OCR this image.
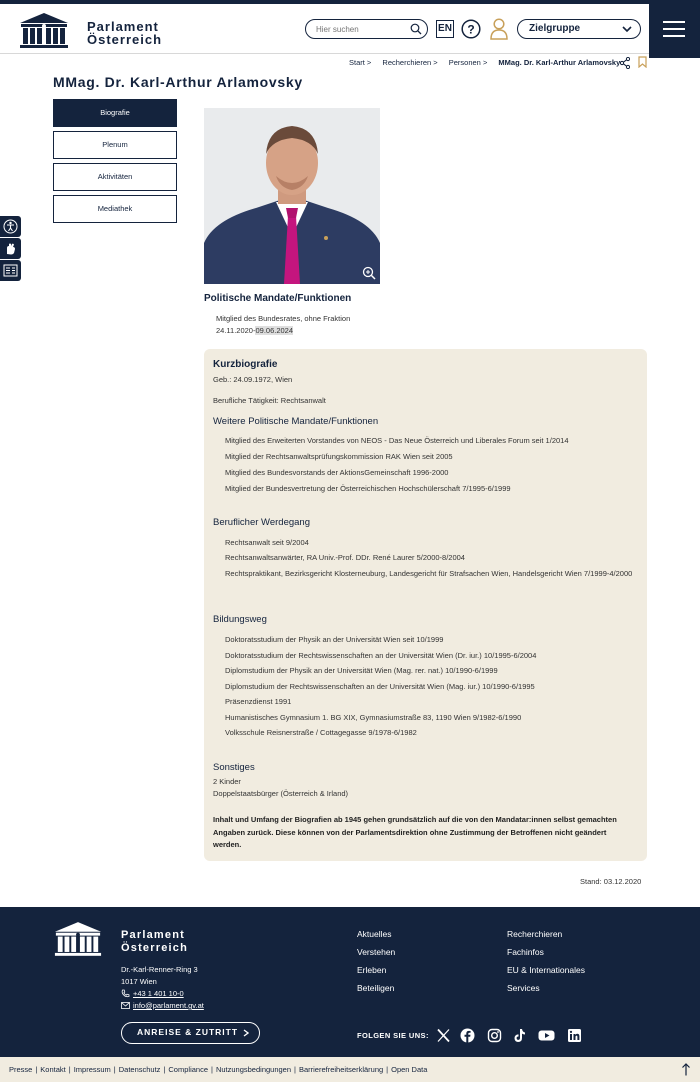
Parlament
Österreich
Hier suchen
EN ?	Zielgruppe
Start > Recherchieren > Personen > MMag. Dr. Karl-Arthur Arlamovsky
MMag. Dr. Karl-Arthur Arlamovsky
Biografie
Plenum
Aktivitäten
Mediathek
Politische Mandate/Funktionen
Mitglied des Bundesrates, ohne Fraktion
24.11.2020-09.06.2024
Kurzbiografie
Geb.: 24.09.1972, Wien
Berufliche Tätigkeit: Rechtsanwalt
Weitere Politische Mandate/Funktionen
Mitglied des Erweiterten Vorstandes von NEOS - Das Neue Österreich und Liberales Forum seit 1/2014
Mitglied der Rechtsanwaltsprüfungskommission RAK Wien seit 2005
Mitglied des Bundesvorstands der AktionsGemeinschaft 1996-2000
Mitglied der Bundesvertretung der Österreichischen Hochschülerschaft 7/1995-6/1999
Beruflicher Werdegang
Rechtsanwalt seit 9/2004
Rechtsanwaltsanwärter, RA Univ.-Prof. DDr. René Laurer 5/2000-8/2004
Rechtspraktikant, Bezirksgericht Klosterneuburg, Landesgericht für Strafsachen Wien, Handelsgericht Wien 7/1999-4/2000
Bildungsweg
Doktoratsstudium der Physik an der Universität Wien seit 10/1999
Doktoratsstudium der Rechtswissenschaften an der Universität Wien (Dr. iur.) 10/1995-6/2004
Diplomstudium der Physik an der Universität Wien (Mag. rer. nat.) 10/1990-6/1999
Diplomstudium der Rechtswissenschaften an der Universität Wien (Mag. iur.) 10/1990-6/1995
Präsenzdienst 1991
Humanistisches Gymnasium 1. BG XIX, Gymnasiumstraße 83, 1190 Wien 9/1982-6/1990
Volksschule Reisnerstraße / Cottagegasse 9/1978-6/1982
Sonstiges
2 Kinder
Doppelstaatsbürger (Österreich & Irland)
Inhalt und Umfang der Biografien ab 1945 gehen grundsätzlich auf die von den Mandatar:innen selbst gemachten Angaben zurück. Diese können von der Parlamentsdirektion ohne Zustimmung der Betroffenen nicht geändert werden.
Stand: 03.12.2020
Parlament
Österreich
Dr.-Karl-Renner-Ring 3
1017 Wien
+43 1 401 10-0
info@parlament.gv.at
ANREISE & ZUTRITT
Aktuelles
Verstehen
Erleben
Beteiligen
Recherchieren
Fachinfos
EU & Internationales
Services
FOLGEN SIE UNS:
Presse | Kontakt | Impressum | Datenschutz | Compliance | Nutzungsbedingungen | Barrierefreiheitserklärung | Open Data
